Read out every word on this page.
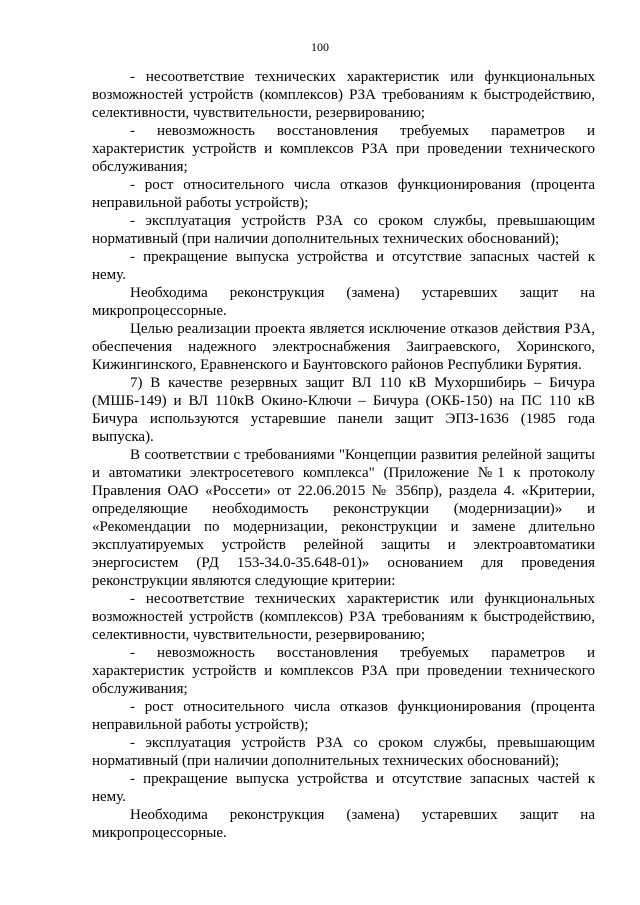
100

- несоответствие технических характеристик или функциональных возможностей устройств (комплексов) РЗА требованиям к быстродействию, селективности, чувствительности, резервированию;

- невозможность восстановления требуемых параметров и характеристик устройств и комплексов РЗА при проведении технического обслуживания;

- рост относительного числа отказов функционирования (процента неправильной работы устройств);

- эксплуатация устройств РЗА со сроком службы, превышающим нормативный (при наличии дополнительных технических обоснований);

- прекращение выпуска устройства и отсутствие запасных частей к нему.

Необходима реконструкция (замена) устаревших защит на микропроцессорные.

Целью реализации проекта является исключение отказов действия РЗА, обеспечения надежного электроснабжения Заиграевского, Хоринского, Кижингинского, Еравненского и Баунтовского районов Республики Бурятия.

7) В качестве резервных защит ВЛ 110 кВ Мухоршибирь – Бичура (МШБ-149) и ВЛ 110кВ Окино-Ключи – Бичура (ОКБ-150) на ПС 110 кВ Бичура используются устаревшие панели защит ЭПЗ-1636 (1985 года выпуска).

В соответствии с требованиями "Концепции развития релейной защиты и автоматики электросетевого комплекса" (Приложение №1 к протоколу Правления ОАО «Россети» от 22.06.2015 № 356пр), раздела 4. «Критерии, определяющие необходимость реконструкции (модернизации)» и «Рекомендации по модернизации, реконструкции и замене длительно эксплуатируемых устройств релейной защиты и электроавтоматики энергосистем (РД 153-34.0-35.648-01)» основанием для проведения реконструкции являются следующие критерии:

- несоответствие технических характеристик или функциональных возможностей устройств (комплексов) РЗА требованиям к быстродействию, селективности, чувствительности, резервированию;

- невозможность восстановления требуемых параметров и характеристик устройств и комплексов РЗА при проведении технического обслуживания;

- рост относительного числа отказов функционирования (процента неправильной работы устройств);

- эксплуатация устройств РЗА со сроком службы, превышающим нормативный (при наличии дополнительных технических обоснований);

- прекращение выпуска устройства и отсутствие запасных частей к нему.

Необходима реконструкция (замена) устаревших защит на микропроцессорные.
